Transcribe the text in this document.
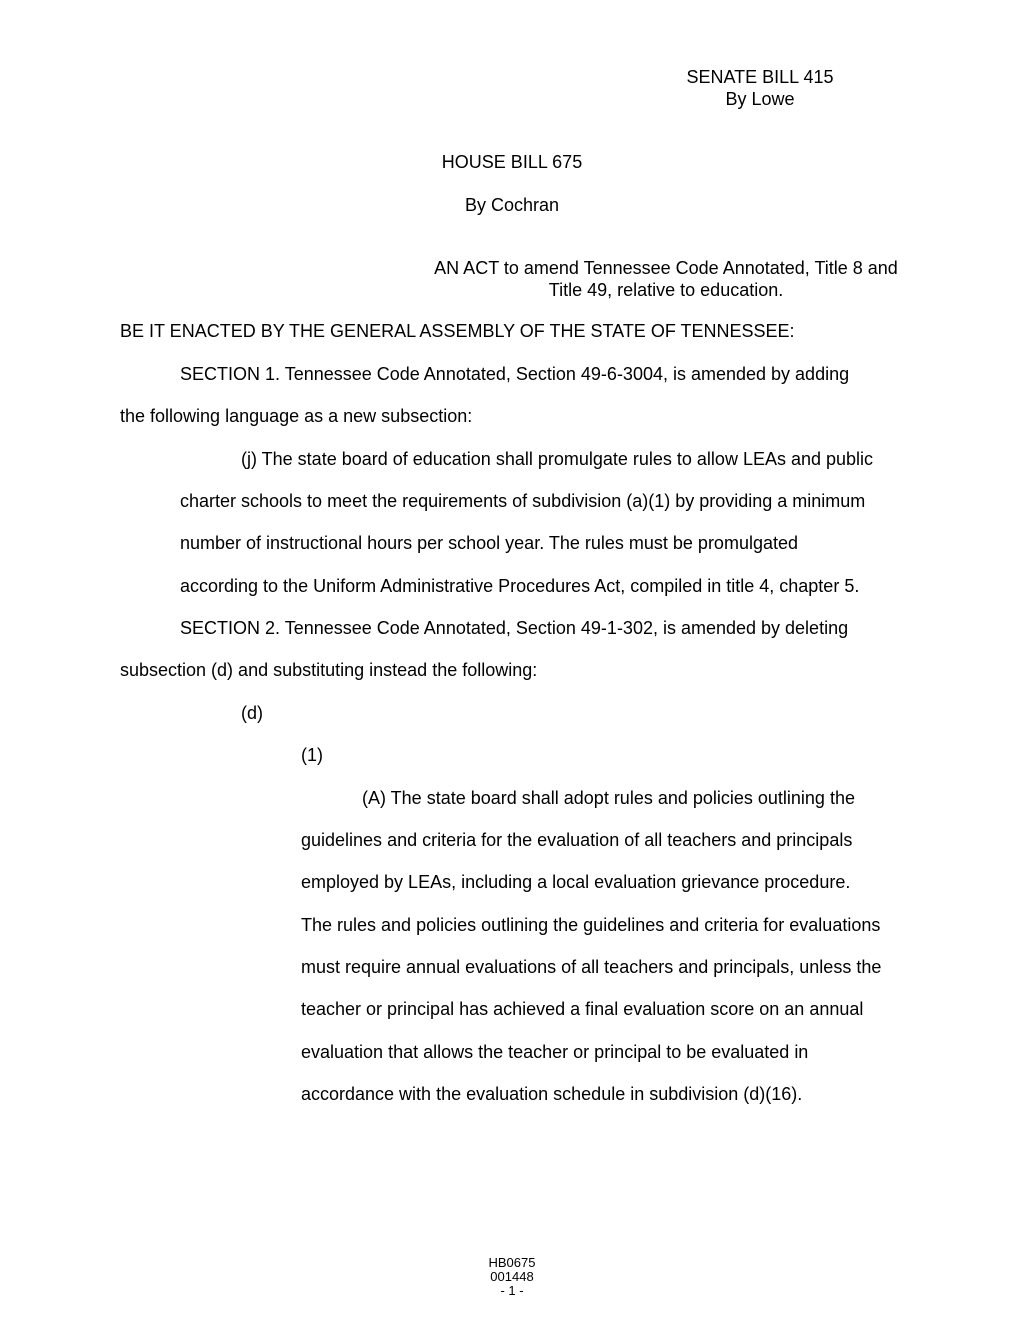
SENATE BILL 415
By Lowe
HOUSE BILL 675
By Cochran
AN ACT to amend Tennessee Code Annotated, Title 8 and
Title 49, relative to education.
BE IT ENACTED BY THE GENERAL ASSEMBLY OF THE STATE OF TENNESSEE:
SECTION 1. Tennessee Code Annotated, Section 49-6-3004, is amended by adding
the following language as a new subsection:
(j) The state board of education shall promulgate rules to allow LEAs and public
charter schools to meet the requirements of subdivision (a)(1) by providing a minimum
number of instructional hours per school year. The rules must be promulgated
according to the Uniform Administrative Procedures Act, compiled in title 4, chapter 5.
SECTION 2. Tennessee Code Annotated, Section 49-1-302, is amended by deleting
subsection (d) and substituting instead the following:
(d)
(1)
(A) The state board shall adopt rules and policies outlining the
guidelines and criteria for the evaluation of all teachers and principals
employed by LEAs, including a local evaluation grievance procedure.
The rules and policies outlining the guidelines and criteria for evaluations
must require annual evaluations of all teachers and principals, unless the
teacher or principal has achieved a final evaluation score on an annual
evaluation that allows the teacher or principal to be evaluated in
accordance with the evaluation schedule in subdivision (d)(16).
HB0675
001448
- 1 -
